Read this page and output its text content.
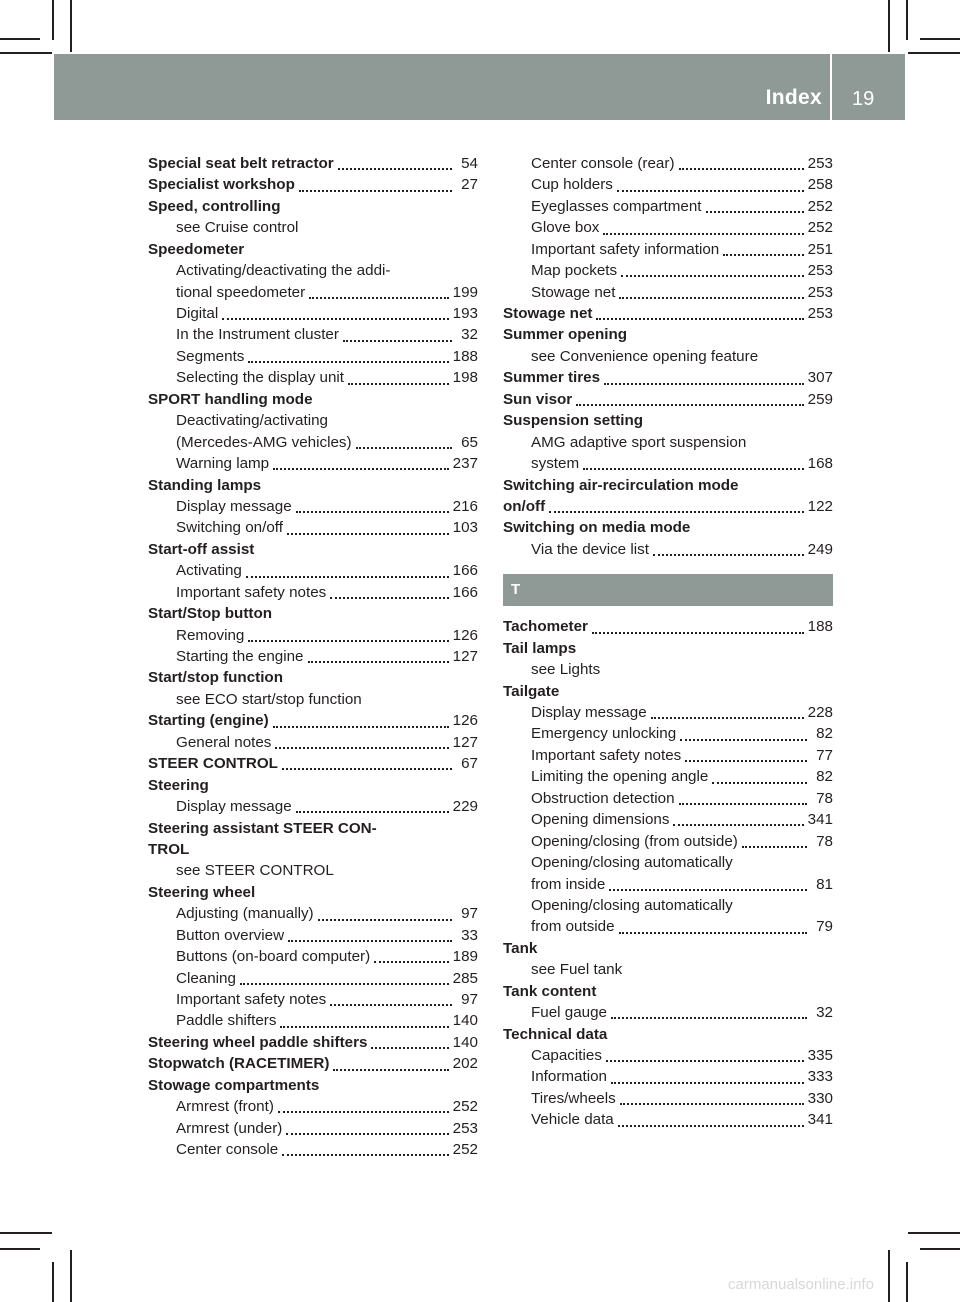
Index 19
Special seat belt retractor	54
Specialist workshop	27
Speed, controlling
see Cruise control
Speedometer
Activating/deactivating the addi-
tional speedometer	199
Digital	193
In the Instrument cluster	32
Segments	188
Selecting the display unit	198
SPORT handling mode
Deactivating/activating
(Mercedes-AMG vehicles)	65
Warning lamp	237
Standing lamps
Display message	216
Switching on/off	103
Start-off assist
Activating	166
Important safety notes	166
Start/Stop button
Removing	126
Starting the engine	127
Start/stop function
see ECO start/stop function
Starting (engine)	126
General notes	127
STEER CONTROL	67
Steering
Display message	229
Steering assistant STEER CON-
TROL
see STEER CONTROL
Steering wheel
Adjusting (manually)	97
Button overview	33
Buttons (on-board computer)	189
Cleaning	285
Important safety notes	97
Paddle shifters	140
Steering wheel paddle shifters	140
Stopwatch (RACETIMER)	202
Stowage compartments
Armrest (front)	252
Armrest (under)	253
Center console	252
Center console (rear)	253
Cup holders	258
Eyeglasses compartment	252
Glove box	252
Important safety information	251
Map pockets	253
Stowage net	253
Stowage net	253
Summer opening
see Convenience opening feature
Summer tires	307
Sun visor	259
Suspension setting
AMG adaptive sport suspension
system	168
Switching air-recirculation mode
on/off	122
Switching on media mode
Via the device list	249
T
Tachometer	188
Tail lamps
see Lights
Tailgate
Display message	228
Emergency unlocking	82
Important safety notes	77
Limiting the opening angle	82
Obstruction detection	78
Opening dimensions	341
Opening/closing (from outside)	78
Opening/closing automatically
from inside	81
Opening/closing automatically
from outside	79
Tank
see Fuel tank
Tank content
Fuel gauge	32
Technical data
Capacities	335
Information	333
Tires/wheels	330
Vehicle data	341
carmanualsonline.info
